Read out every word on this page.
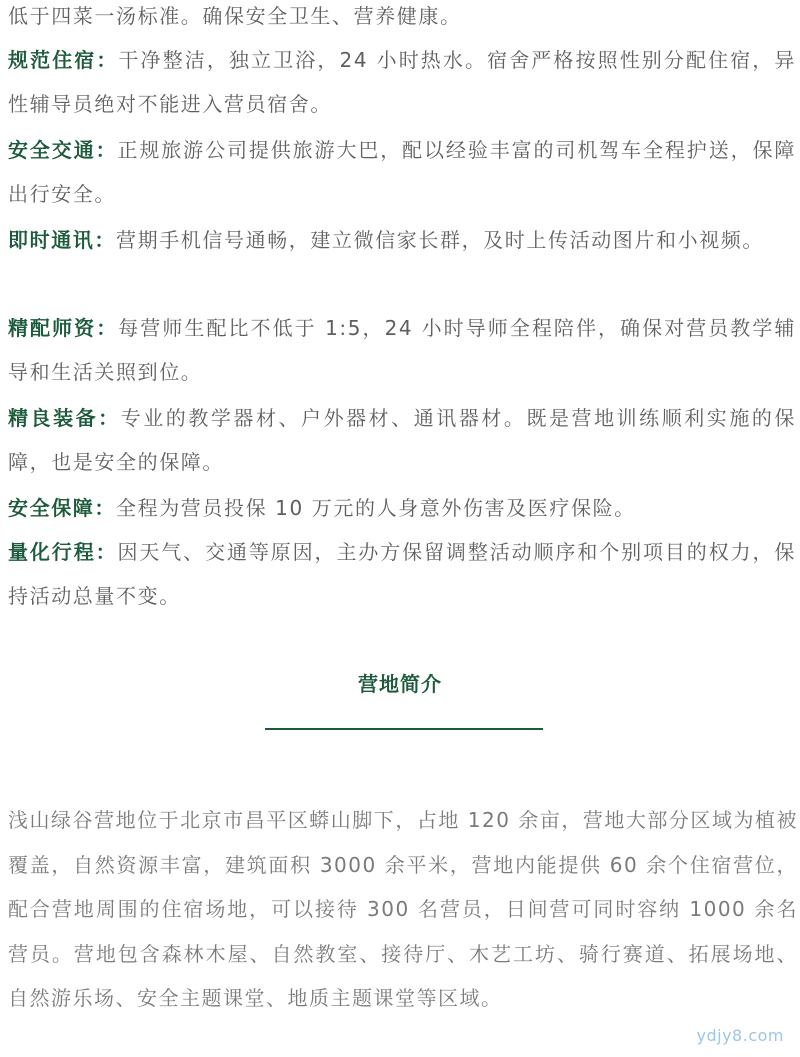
低于四菜一汤标准。确保安全卫生、营养健康。

规范住宿：干净整洁，独立卫浴，24 小时热水。宿舍严格按照性别分配住宿，异性辅导员绝对不能进入营员宿舍。

安全交通：正规旅游公司提供旅游大巴，配以经验丰富的司机驾车全程护送，保障出行安全。

即时通讯：营期手机信号通畅，建立微信家长群，及时上传活动图片和小视频。

精配师资：每营师生配比不低于 1:5，24 小时导师全程陪伴，确保对营员教学辅导和生活关照到位。

精良装备：专业的教学器材、户外器材、通讯器材。既是营地训练顺利实施的保障，也是安全的保障。

安全保障：全程为营员投保 10 万元的人身意外伤害及医疗保险。

量化行程：因天气、交通等原因，主办方保留调整活动顺序和个别项目的权力，保持活动总量不变。

营地简介

浅山绿谷营地位于北京市昌平区蟒山脚下，占地 120 余亩，营地大部分区域为植被覆盖，自然资源丰富，建筑面积 3000 余平米，营地内能提供 60 余个住宿营位，配合营地周围的住宿场地，可以接待 300 名营员，日间营可同时容纳 1000 余名营员。营地包含森林木屋、自然教室、接待厅、木艺工坊、骑行赛道、拓展场地、自然游乐场、安全主题课堂、地质主题课堂等区域。

ydjy8.com
